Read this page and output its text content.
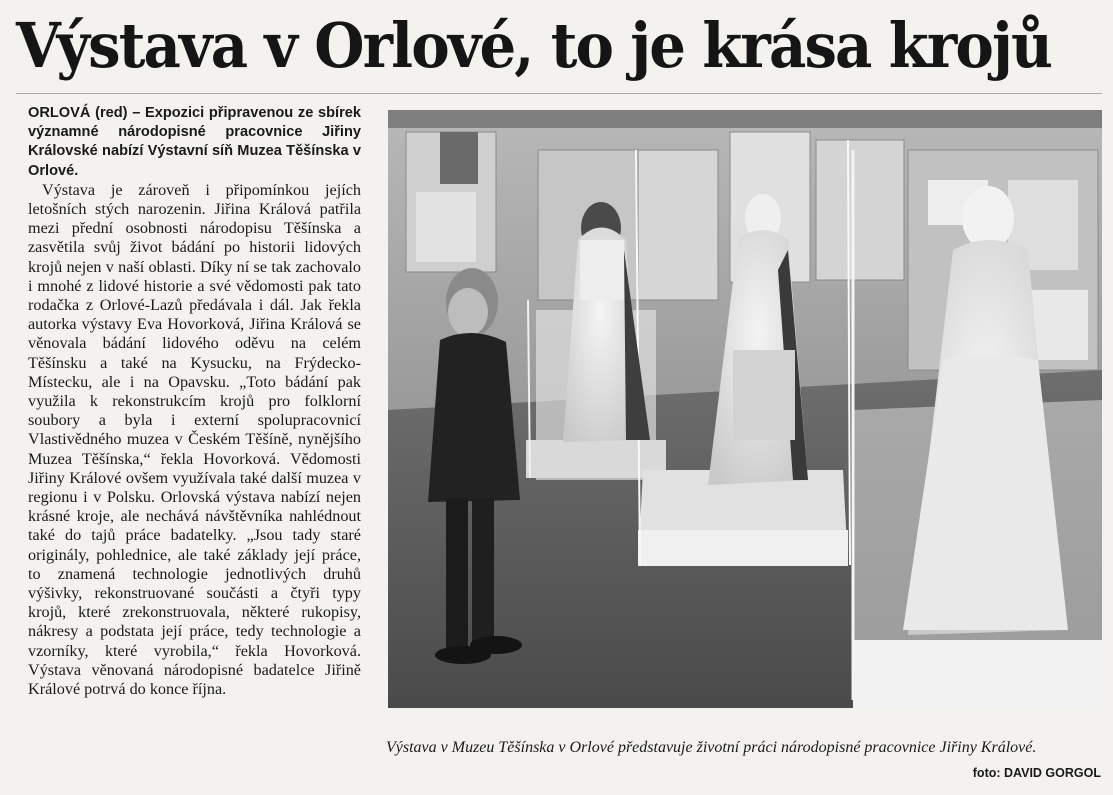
Výstava v Orlové, to je krása krojů

ORLOVÁ (red) – Expozici připravenou ze sbírek významné národopisné pracovnice Jiřiny Královské nabízí Výstavní síň Muzea Těšínska v Orlové.

Výstava je zároveň i připomínkou jejích letošních stých narozenin. Jiřina Králová patřila mezi přední osobnosti národopisu Těšínska a zasvětila svůj život bádání po historii lidových krojů nejen v naší oblasti. Díky ní se tak zachovalo i mnohé z lidové historie a své vědomosti pak tato rodačka z Orlové-Lazů předávala i dál. Jak řekla autorka výstavy Eva Hovorková, Jiřina Králová se věnovala bádání lidového oděvu na celém Těšínsku a také na Kysucku, na Frýdecko-Místecku, ale i na Opavsku. „Toto bádání pak využila k rekonstrukcím krojů pro folklorní soubory a byla i externí spolupracovnicí Vlastivědného muzea v Českém Těšíně, nynějšího Muzea Těšínska,“ řekla Hovorková. Vědomosti Jiřiny Králové ovšem využívala také další muzea v regionu i v Polsku. Orlovská výstava nabízí nejen krásné kroje, ale nechává návštěvníka nahlédnout také do tajů práce badatelky. „Jsou tady staré originály, pohlednice, ale také základy její práce, to znamená technologie jednotlivých druhů výšivky, rekonstruované součásti a čtyři typy krojů, které zrekonstruovala, některé rukopisy, nákresy a podstata její práce, tedy technologie a vzorníky, které vyrobila,“ řekla Hovorková. Výstava věnovaná národopisné badatelce Jiřině Králové potrvá do konce října.

Výstava v Muzeu Těšínska v Orlové představuje životní práci národopisné pracovnice Jiřiny Králové.
foto: DAVID GORGOL
